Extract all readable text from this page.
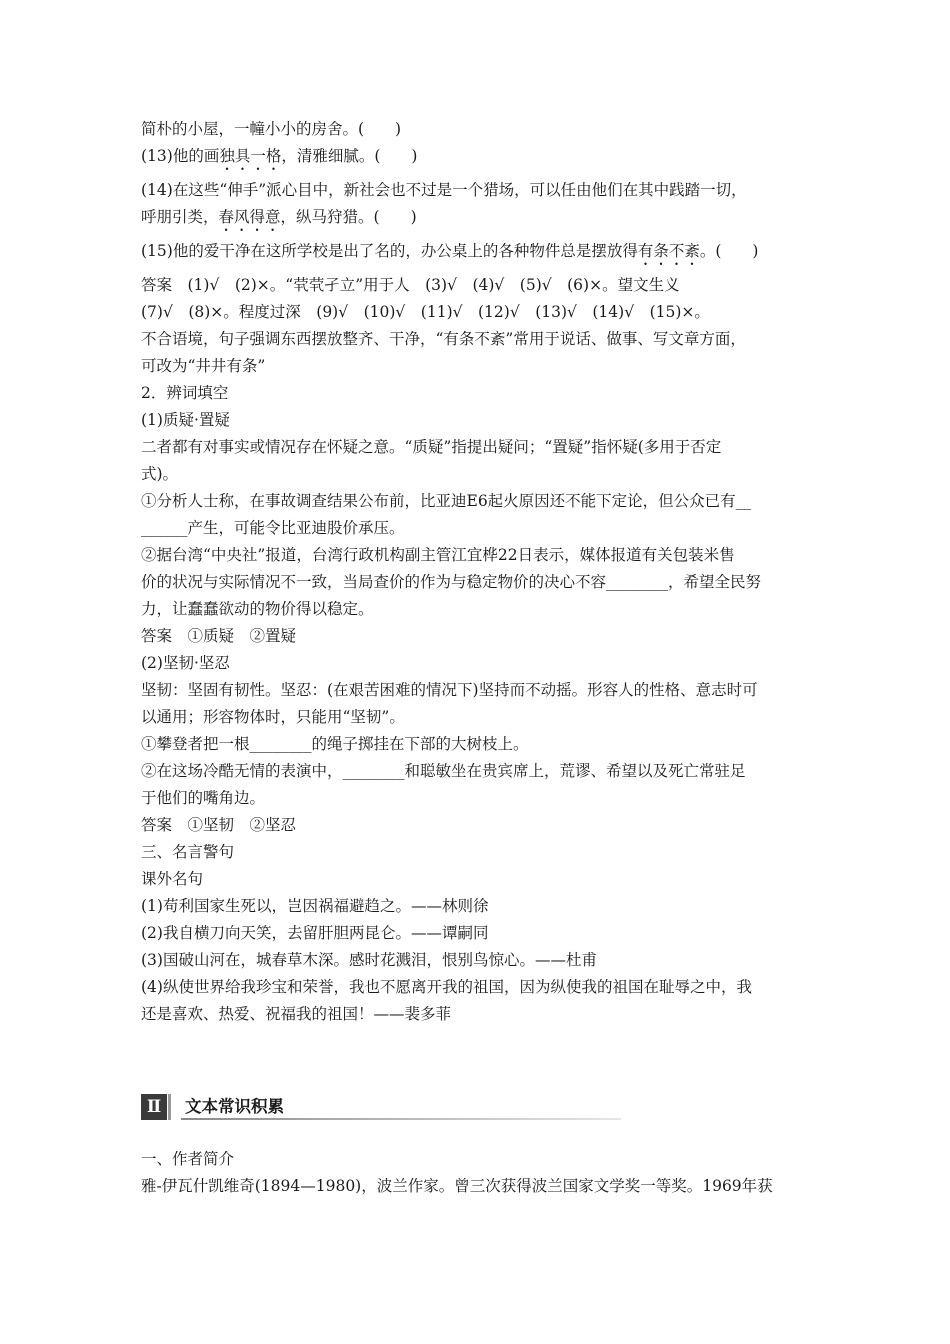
简朴的小屋，一幢小小的房舍。(　　)

(13)他的画独具一格，清雅细腻。(　　)

(14)在这些“伸手”派心目中，新社会也不过是一个猎场，可以任由他们在其中践踏一切，

呼朋引类，春风得意，纵马狩猎。(　　)

(15)他的爱干净在这所学校是出了名的，办公桌上的各种物件总是摆放得有条不紊。(　　)

答案　(1)√　(2)×。“茕茕孑立”用于人　(3)√　(4)√　(5)√　(6)×。望文生义

(7)√　(8)×。程度过深　(9)√　(10)√　(11)√　(12)√　(13)√　(14)√　(15)×。

不合语境，句子强调东西摆放整齐、干净，“有条不紊”常用于说话、做事、写文章方面，

可改为“井井有条”

2．辨词填空

(1)质疑·置疑

二者都有对事实或情况存在怀疑之意。“质疑”指提出疑问；“置疑”指怀疑(多用于否定

式)。

①分析人士称，在事故调查结果公布前，比亚迪E6起火原因还不能下定论，但公众已有__

______产生，可能令比亚迪股价承压。

②据台湾“中央社”报道，台湾行政机构副主管江宜桦22日表示，媒体报道有关包装米售

价的状况与实际情况不一致，当局查价的作为与稳定物价的决心不容________，希望全民努

力，让蠢蠢欲动的物价得以稳定。

答案　①质疑　②置疑

(2)坚韧·坚忍

坚韧：坚固有韧性。坚忍：(在艰苦困难的情况下)坚持而不动摇。形容人的性格、意志时可

以通用；形容物体时，只能用“坚韧”。

①攀登者把一根________的绳子掷挂在下部的大树枝上。

②在这场冷酷无情的表演中，________和聪敏坐在贵宾席上，荒谬、希望以及死亡常驻足

于他们的嘴角边。

答案　①坚韧　②坚忍

三、名言警句

课外名句

(1)苟利国家生死以，岂因祸福避趋之。——林则徐

(2)我自横刀向天笑，去留肝胆两昆仑。——谭嗣同

(3)国破山河在，城春草木深。感时花溅泪，恨别鸟惊心。——杜甫

(4)纵使世界给我珍宝和荣誉，我也不愿离开我的祖国，因为纵使我的祖国在耻辱之中，我

还是喜欢、热爱、祝福我的祖国！——裴多菲

Ⅱ	文本常识积累

一、作者简介

雅-伊瓦什凯维奇(1894—1980)，波兰作家。曾三次获得波兰国家文学奖一等奖。1969年获
